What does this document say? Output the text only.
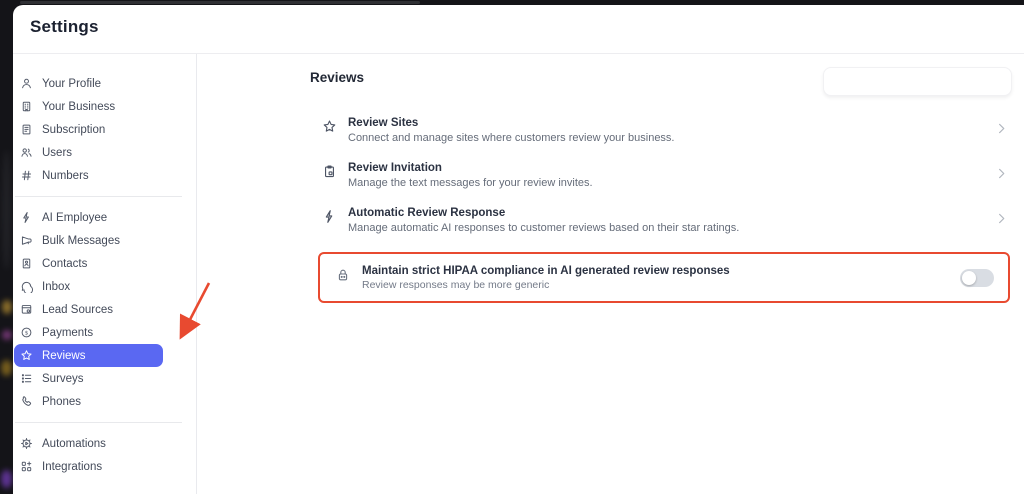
Settings
Your Profile
Your Business
Subscription
Users
Numbers
AI Employee
Bulk Messages
Contacts
Inbox
Lead Sources
$ Payments
Reviews
Surveys
Phones
Automations
Integrations
Reviews
Review Sites
Connect and manage sites where customers review your business.
Review Invitation
Manage the text messages for your review invites.
Automatic Review Response
Manage automatic AI responses to customer reviews based on their star ratings.
Maintain strict HIPAA compliance in AI generated review responses
Review responses may be more generic
